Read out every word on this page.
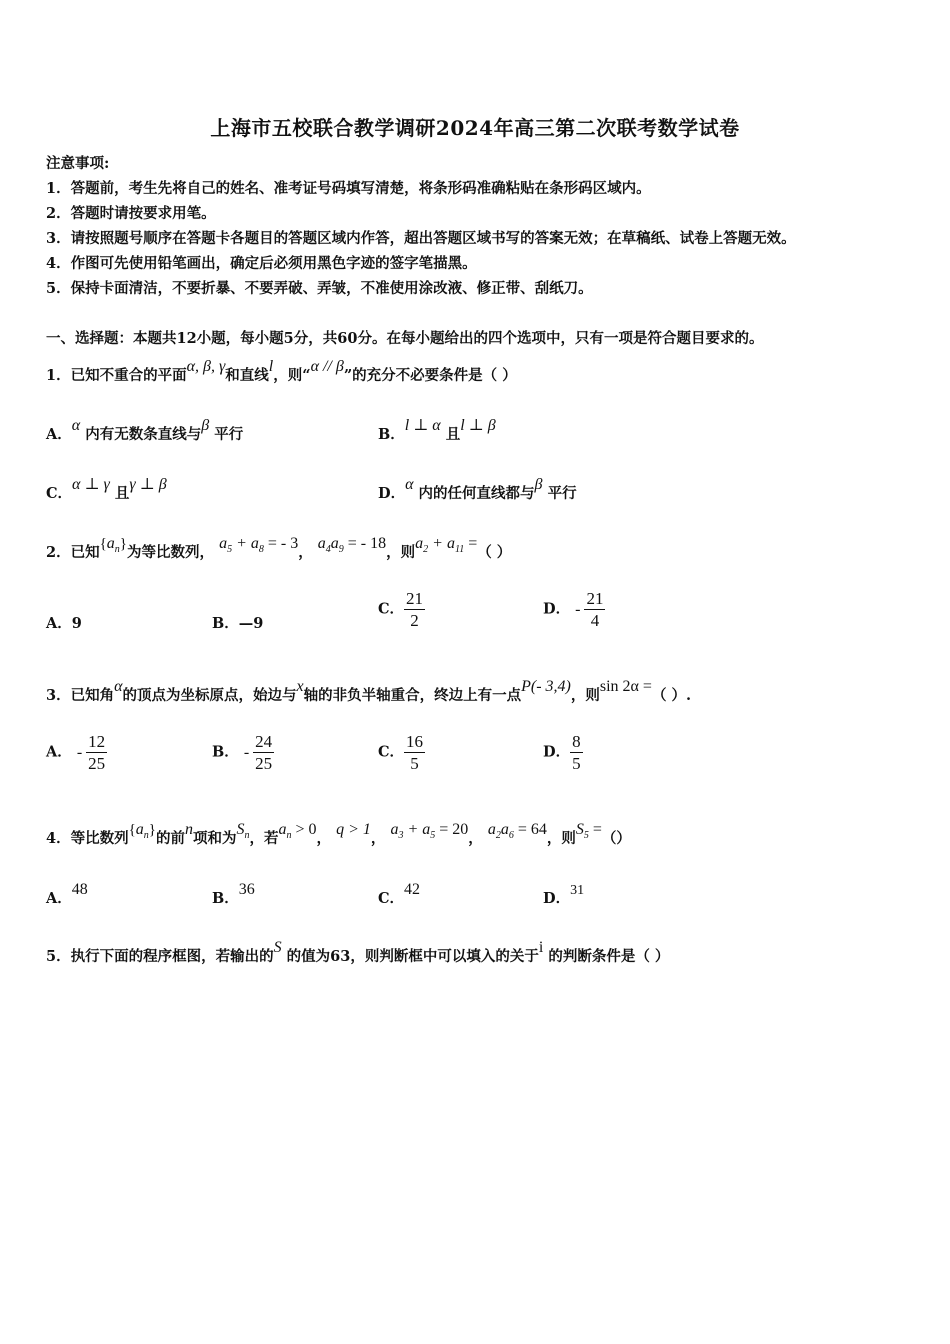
上海市五校联合教学调研2024年高三第二次联考数学试卷
注意事项:
1．答题前，考生先将自己的姓名、准考证号码填写清楚，将条形码准确粘贴在条形码区域内。
2．答题时请按要求用笔。
3．请按照题号顺序在答题卡各题目的答题区域内作答，超出答题区域书写的答案无效；在草稿纸、试卷上答题无效。
4．作图可先使用铅笔画出，确定后必须用黑色字迹的签字笔描黑。
5．保持卡面清洁，不要折暴、不要弄破、弄皱，不准使用涂改液、修正带、刮纸刀。
一、选择题：本题共12小题，每小题5分，共60分。在每小题给出的四个选项中，只有一项是符合题目要求的。
1．已知不重合的平面α, β, γ和直线l，则“α // β”的充分不必要条件是（ ）
A．α 内有无数条直线与β 平行	B．l ⊥ α 且l ⊥ β
C．α ⊥ γ 且γ ⊥ β
D．α 内的任何直线都与β 平行
2．已知$\{a_n\}$为等比数列， $a_5 + a_8$ = - 3， $a_4a_9$ = - 18，则$a_2 + a_{11}$ =（ ）
A．9	B．—9
C． $\frac{21}{2}$	D． - $\frac{21}{4}$
3．已知角α的顶点为坐标原点，始边与x轴的非负半轴重合，终边上有一点P(- 3,4)，则sin 2α =（ ）.
A． - $\frac{12}{25}$	B． - $\frac{24}{25}$	C． $\frac{16}{5}$	D． $\frac{8}{5}$
4．等比数列$\{a_n\}$的前n项和为$S_n$，若$a_n > 0$， q > 1， $a_3 + a_5 = 20$， $a_2a_6 = 64$，则$S_5$ =（）
A．48
B．36
C．42
D．31
5．执行下面的程序框图，若输出的S 的值为63，则判断框中可以填入的关于i 的判断条件是（ ）
